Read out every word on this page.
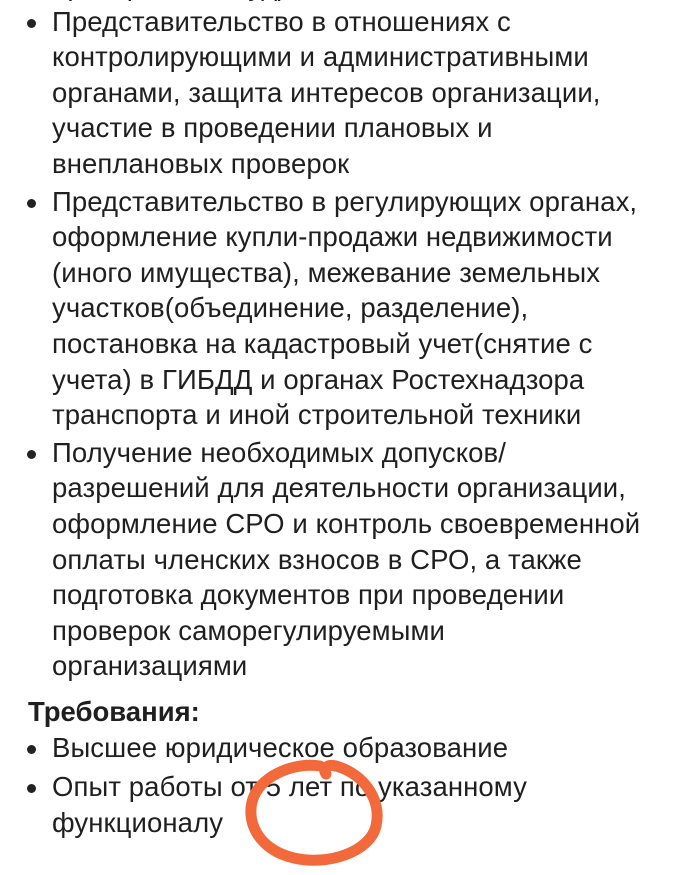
Представительство в отношениях с
контролирующими и административными
органами, защита интересов организации,
участие в проведении плановых и
внеплановых проверок
Представительство в регулирующих органах,
оформление купли-продажи недвижимости
(иного имущества), межевание земельных
участков(объединение, разделение),
постановка на кадастровый учет(снятие с
учета) в ГИБДД и органах Ростехнадзора
транспорта и иной строительной техники
Получение необходимых допусков/
разрешений для деятельности организации,
оформление СРО и контроль своевременной
оплаты членских взносов в СРО, а также
подготовка документов при проведении
проверок саморегулируемыми
организациями
Требования:
Высшее юридическое образование
Опыт работы от 5 лет по указанному
функционалу
